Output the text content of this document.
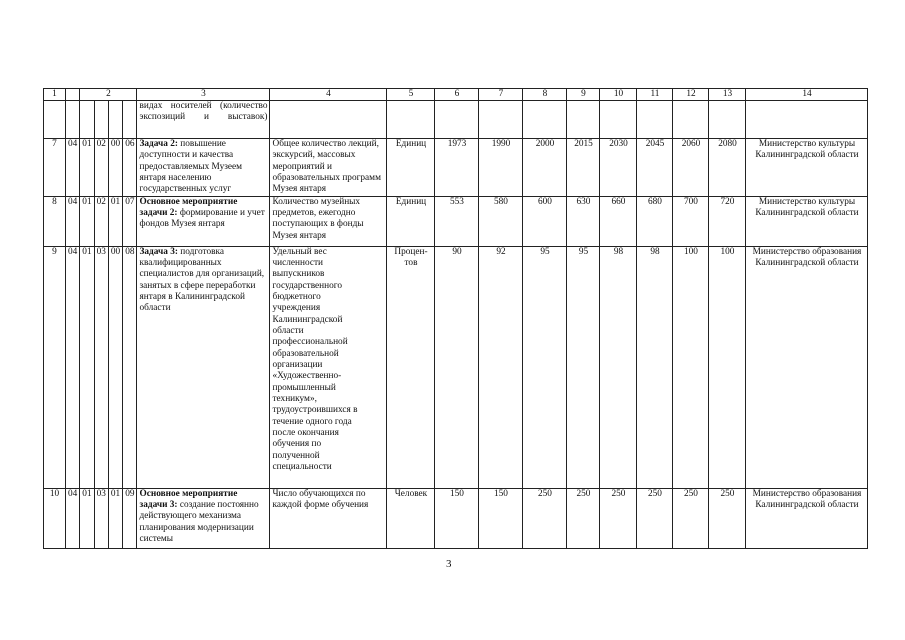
1		2				3	4	5	6	7	8	9	10	11	12	13	14
						видах носителей (количество экспозиций и выставок)											
7	04	01	02	00	06	Задача 2: повышение доступности и качества предоставляемых Музеем янтаря населению государственных услуг	Общее количество лекций, экскурсий, массовых мероприятий и образовательных программ Музея янтаря	Единиц	1973	1990	2000	2015	2030	2045	2060	2080	Министерство культуры Калининградской области
8	04	01	02	01	07	Основное мероприятие задачи 2: формирование и учет фондов Музея янтаря	Количество музейных предметов, ежегодно поступающих в фонды Музея янтаря	Единиц	553	580	600	630	660	680	700	720	Министерство культуры Калининградской области
9	04	01	03	00	08	Задача 3: подготовка квалифицированных специалистов для организаций, занятых в сфере переработки янтаря в Калининградской области	Удельный вес численности выпускников государственного бюджетного учреждения Калининградской области профессиональной образовательной организации «Художественно-промышленный техникум», трудоустроившихся в течение одного года после окончания обучения по полученной специальности	Процен-тов	90	92	95	95	98	98	100	100	Министерство образования Калининградской области
10	04	01	03	01	09	Основное мероприятие задачи 3: создание постоянно действующего механизма планирования модернизации системы	Число обучающихся по каждой форме обучения	Человек	150	150	250	250	250	250	250	250	Министерство образования Калининградской области
3
